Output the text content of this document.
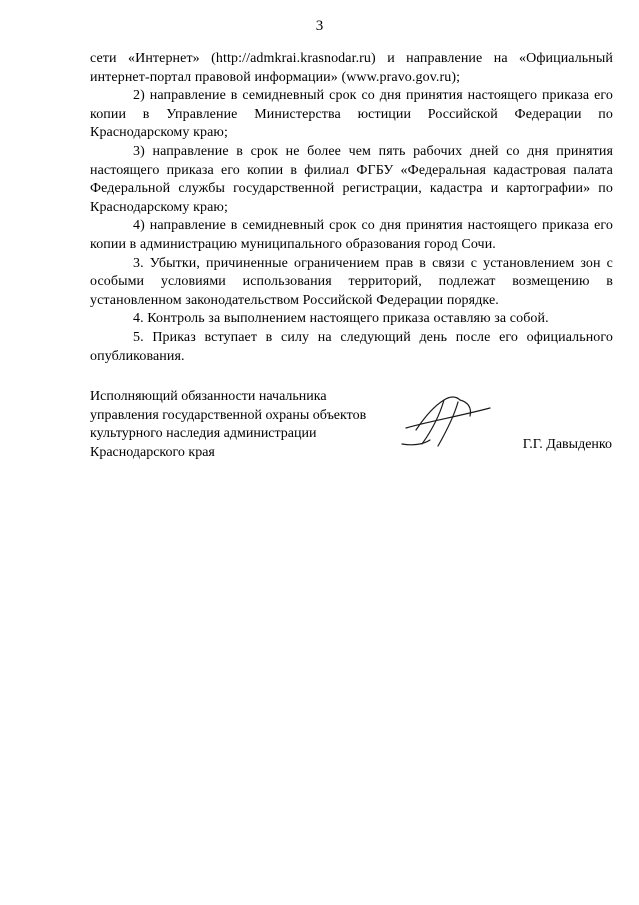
3

сети «Интернет» (http://admkrai.krasnodar.ru) и направление на «Официальный интернет-портал правовой информации» (www.pravo.gov.ru);

2) направление в семидневный срок со дня принятия настоящего приказа его копии в Управление Министерства юстиции Российской Федерации по Краснодарскому краю;

3) направление в срок не более чем пять рабочих дней со дня принятия настоящего приказа его копии в филиал ФГБУ «Федеральная кадастровая палата Федеральной службы государственной регистрации, кадастра и картографии» по Краснодарскому краю;

4) направление в семидневный срок со дня принятия настоящего приказа его копии в администрацию муниципального образования город Сочи.

3. Убытки, причиненные ограничением прав в связи с установлением зон с особыми условиями использования территорий, подлежат возмещению в установленном законодательством Российской Федерации порядке.

4. Контроль за выполнением настоящего приказа оставляю за собой.

5. Приказ вступает в силу на следующий день после его официального опубликования.

Исполняющий обязанности начальника
управления государственной охраны объектов
культурного наследия администрации
Краснодарского края
Г.Г. Давыденко
